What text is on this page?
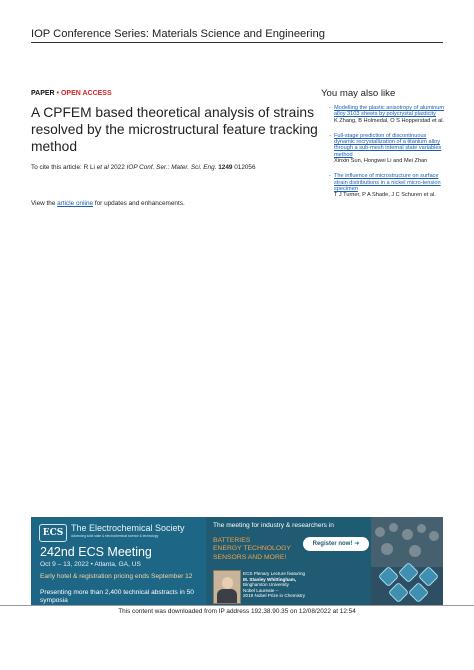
IOP Conference Series: Materials Science and Engineering
PAPER • OPEN ACCESS
A CPFEM based theoretical analysis of strains resolved by the microstructural feature tracking method
To cite this article: R Li et al 2022 IOP Conf. Ser.: Mater. Sci. Eng. 1249 012056
View the article online for updates and enhancements.
You may also like
- Modelling the plastic anisotropy of aluminum alloy 3103 sheets by polycrystal plasticity
K Zhang, B Holmedal, O S Hopperstad et al.
- Full-stage prediction of discontinuous dynamic recrystallization of a titanium alloy through a sub-mesh internal state variables method
Xinxin Sun, Hongwei Li and Mei Zhan
- The influence of microstructure on surface strain distributions in a nickel micro-tension specimen
T J Turner, P A Shade, J C Schuren et al.
ECS The Electrochemical Society
Advancing solid state & electrochemical science & technology
242nd ECS Meeting
Oct 9 – 13, 2022 • Atlanta, GA, US
Early hotel & registration pricing ends September 12
Presenting more than 2,400 technical abstracts in 50 symposia
The meeting for industry & researchers in
BATTERIES
ENERGY TECHNOLOGY
SENSORS AND MORE!
Register now! ➜
ECS Plenary Lecture featuring
M. Stanley Whittingham,
Binghamton University
Nobel Laureate –
2019 Nobel Prize in Chemistry
This content was downloaded from IP address 192.38.90.35 on 12/08/2022 at 12:54
